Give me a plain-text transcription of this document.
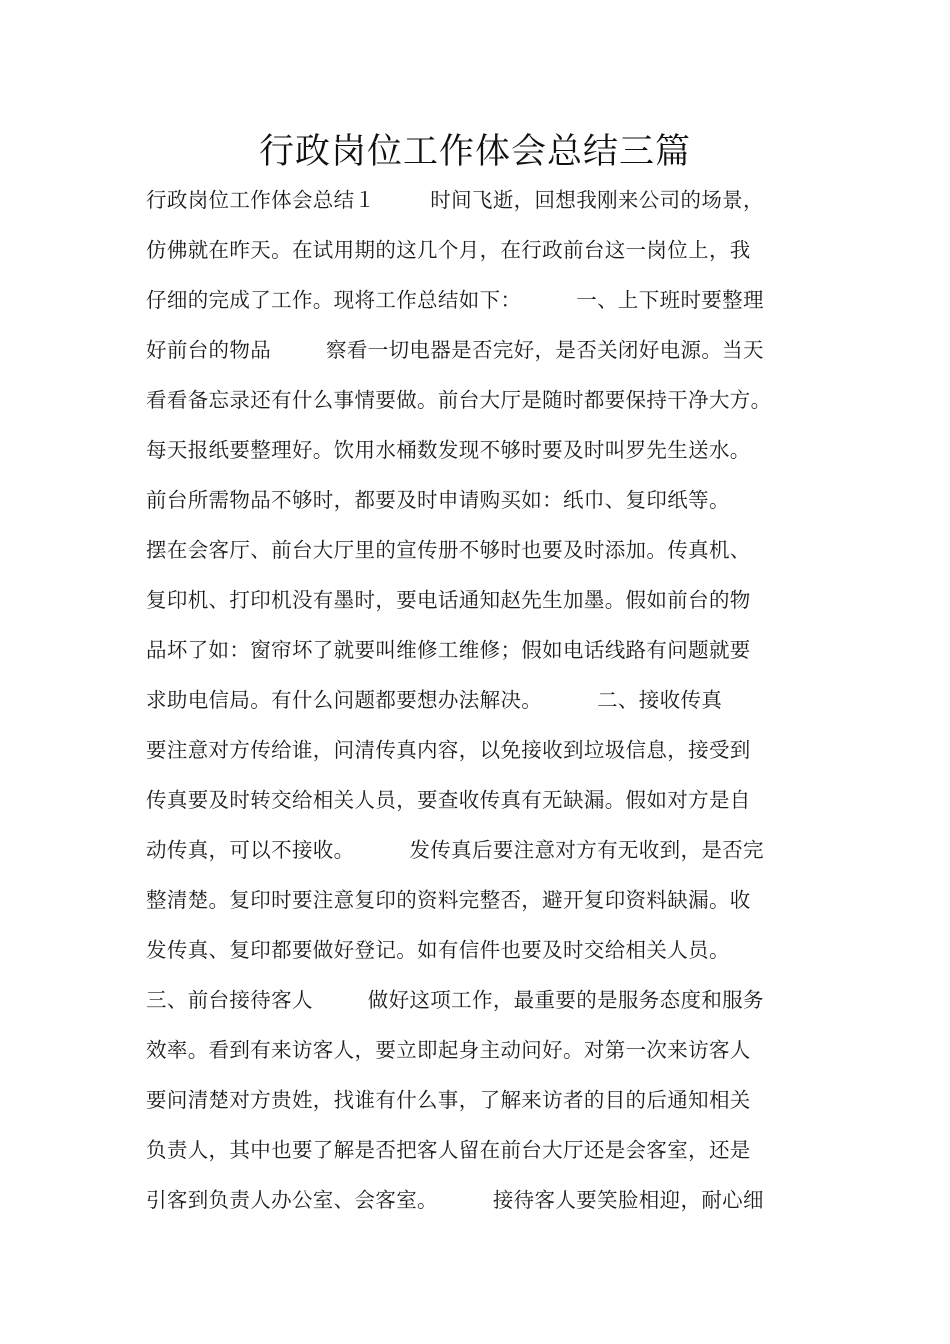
行政岗位工作体会总结三篇
行政岗位工作体会总结１        时间飞逝，回想我刚来公司的场景，
仿佛就在昨天。在试用期的这几个月，在行政前台这一岗位上，我
仔细的完成了工作。现将工作总结如下：        一、上下班时要整理
好前台的物品        察看一切电器是否完好，是否关闭好电源。当天
看看备忘录还有什么事情要做。前台大厅是随时都要保持干净大方。
每天报纸要整理好。饮用水桶数发现不够时要及时叫罗先生送水。
前台所需物品不够时，都要及时申请购买如：纸巾、复印纸等。
摆在会客厅、前台大厅里的宣传册不够时也要及时添加。传真机、
复印机、打印机没有墨时，要电话通知赵先生加墨。假如前台的物
品坏了如：窗帘坏了就要叫维修工维修；假如电话线路有问题就要
求助电信局。有什么问题都要想办法解决。        二、接收传真
要注意对方传给谁，问清传真内容，以免接收到垃圾信息，接受到
传真要及时转交给相关人员，要查收传真有无缺漏。假如对方是自
动传真，可以不接收。        发传真后要注意对方有无收到，是否完
整清楚。复印时要注意复印的资料完整否，避开复印资料缺漏。收
发传真、复印都要做好登记。如有信件也要及时交给相关人员。
三、前台接待客人        做好这项工作，最重要的是服务态度和服务
效率。看到有来访客人，要立即起身主动问好。对第一次来访客人
要问清楚对方贵姓，找谁有什么事，了解来访者的目的后通知相关
负责人，其中也要了解是否把客人留在前台大厅还是会客室，还是
引客到负责人办公室、会客室。        接待客人要笑脸相迎，耐心细
